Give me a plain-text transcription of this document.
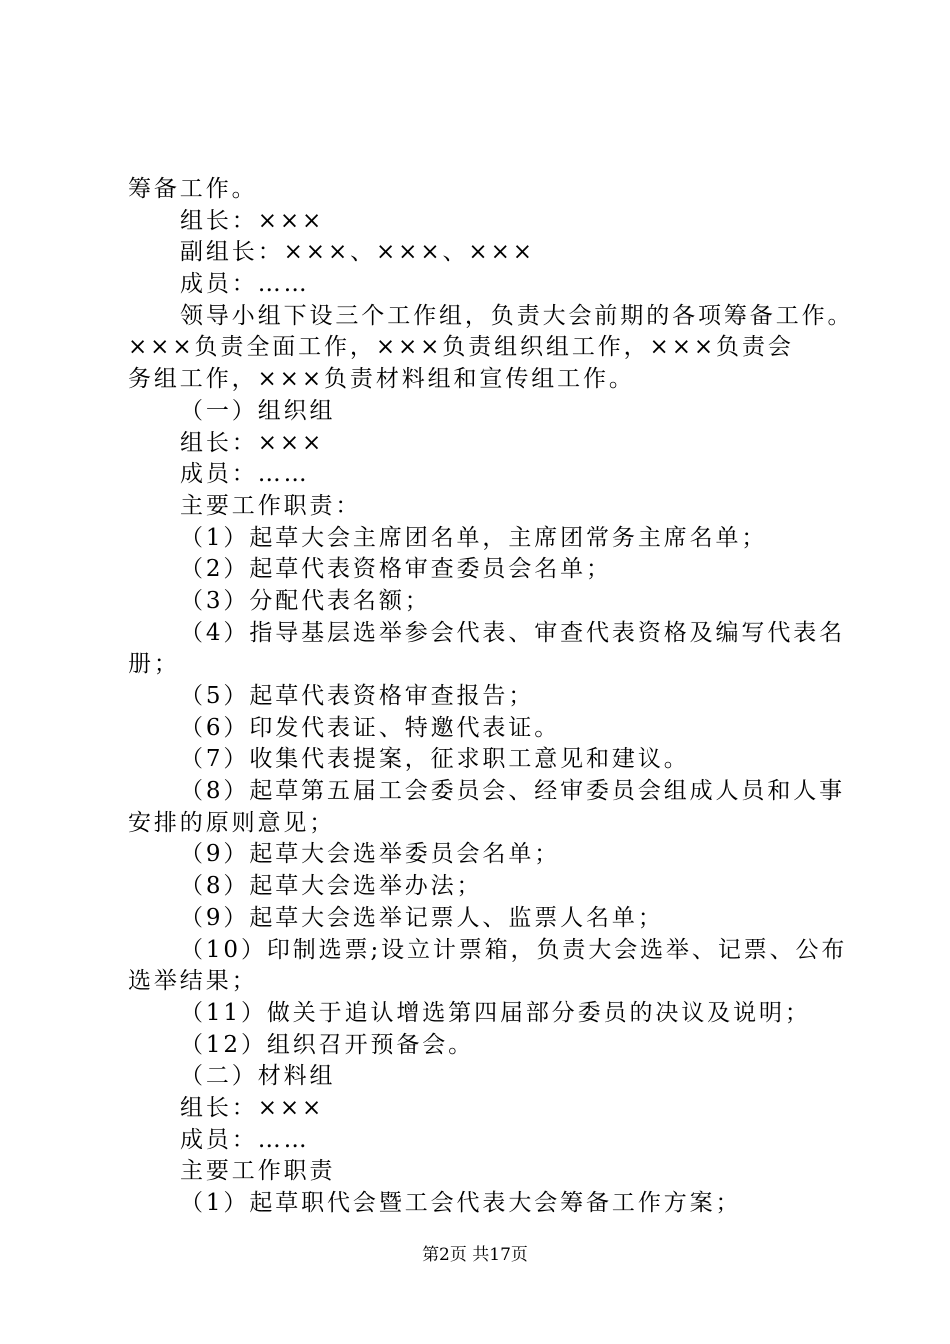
筹备工作。
组长：×××
副组长：×××、×××、×××
成员：……
领导小组下设三个工作组，负责大会前期的各项筹备工作。
×××负责全面工作，×××负责组织组工作，×××负责会
务组工作，×××负责材料组和宣传组工作。
（一）组织组
组长：×××
成员：……
主要工作职责：
（1）起草大会主席团名单，主席团常务主席名单；
（2）起草代表资格审查委员会名单；
（3）分配代表名额；
（4）指导基层选举参会代表、审查代表资格及编写代表名
册；
（5）起草代表资格审查报告；
（6）印发代表证、特邀代表证。
（7）收集代表提案，征求职工意见和建议。
（8）起草第五届工会委员会、经审委员会组成人员和人事
安排的原则意见；
（9）起草大会选举委员会名单；
（8）起草大会选举办法；
（9）起草大会选举记票人、监票人名单；
（10）印制选票;设立计票箱，负责大会选举、记票、公布
选举结果；
（11）做关于追认增选第四届部分委员的决议及说明；
（12）组织召开预备会。
（二）材料组
组长：×××
成员：……
主要工作职责
（1）起草职代会暨工会代表大会筹备工作方案；
第2页 共17页
